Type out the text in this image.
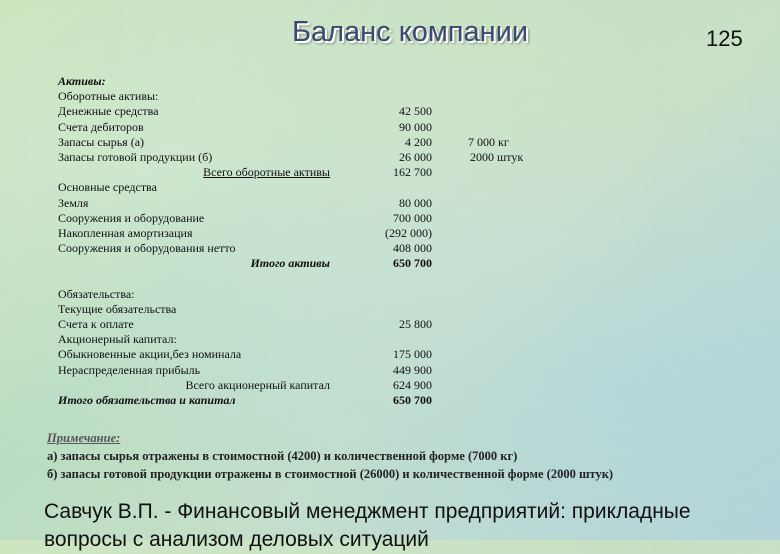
Баланс компании	125
Активы:
Оборотные активы:
Денежные средства	42 500
Счета дебиторов	90 000
Запасы сырья (а)	4 200	7 000 кг
Запасы готовой продукции (б)	26 000	2000 штук
Всего оборотные активы	162 700
Основные средства
Земля	80 000
Сооружения и оборудование	700 000
Накопленная амортизация	(292 000)
Сооружения и оборудования нетто	408 000
Итого активы	650 700
Обязательства:
Текущие обязательства
Счета к оплате	25 800
Акционерный капитал:
Обыкновенные акции,без номинала	175 000
Нераспределенная прибыль	449 900
Всего акционерный капитал	624 900
Итого обязательства и капитал	650 700
Примечание:
а) запасы сырья отражены в стоимостной (4200) и количественной форме (7000 кг)
б) запасы готовой продукции отражены в стоимостной (26000) и количественной форме (2000 штук)
Савчук В.П. - Финансовый менеджмент предприятий: прикладные вопросы с анализом деловых ситуаций
